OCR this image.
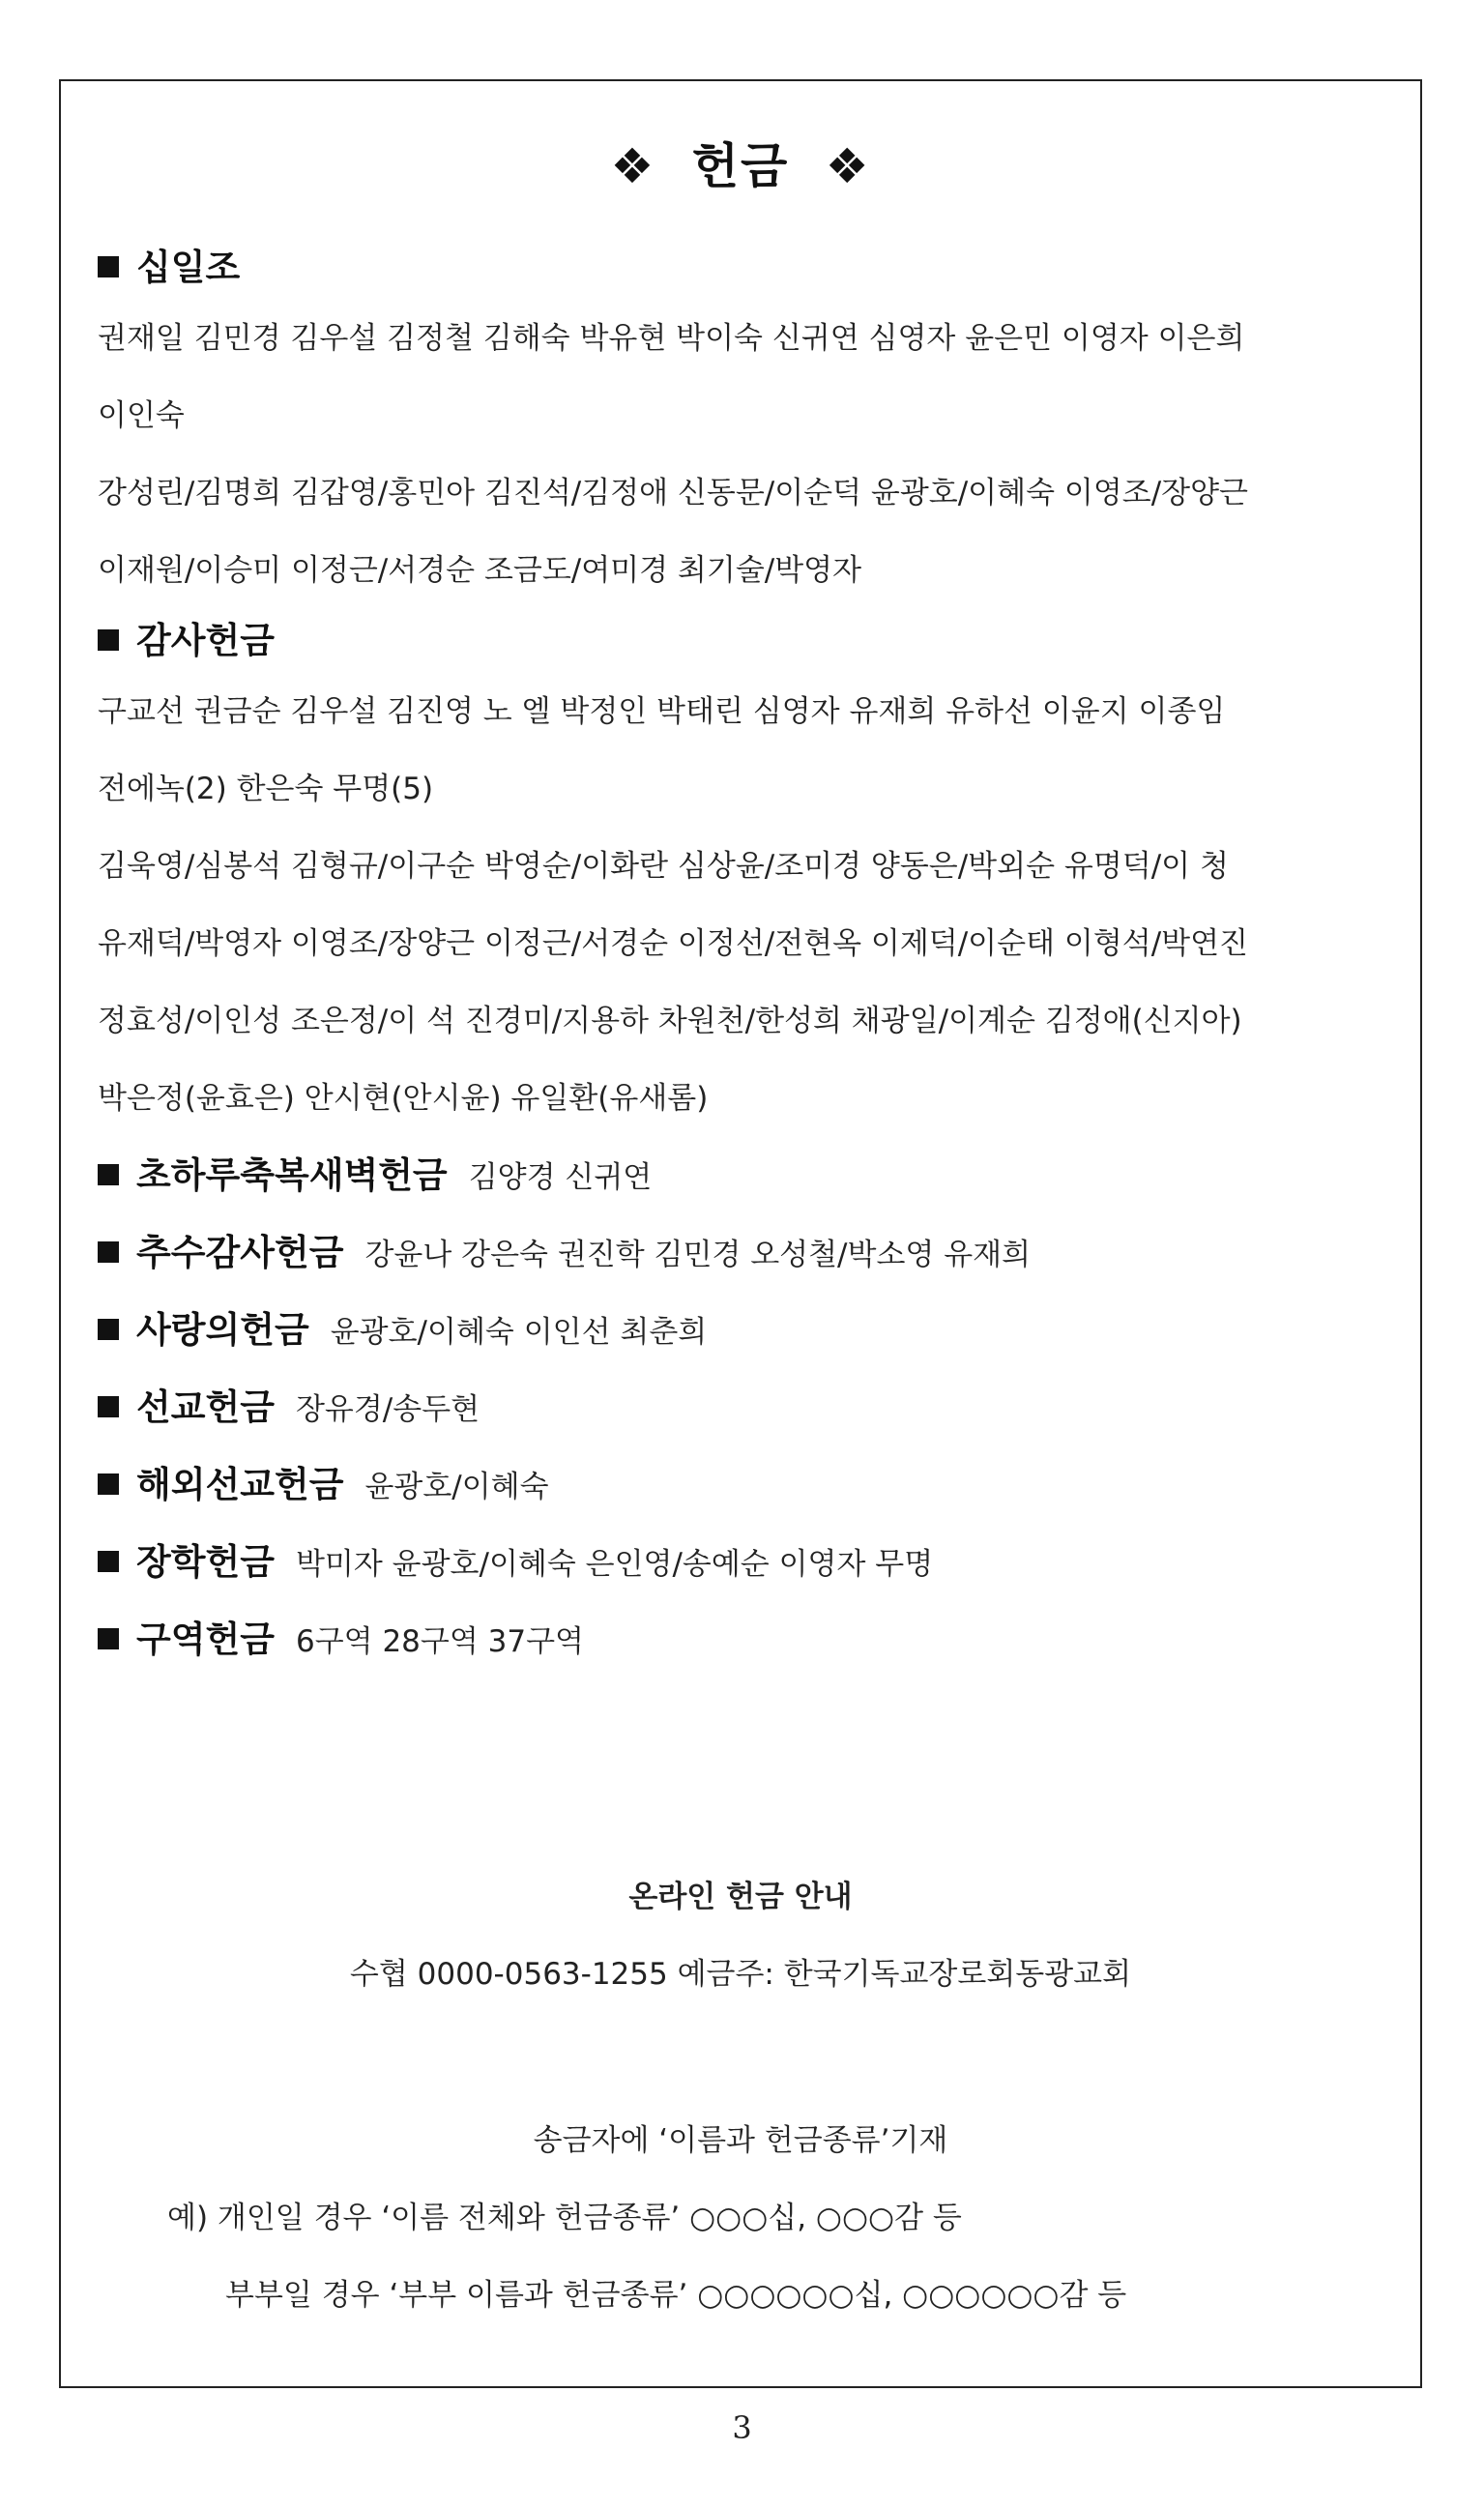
❖ 헌금 ❖
십일조
권재일 김민경 김우설 김정철 김해숙 박유현 박이숙 신귀연 심영자 윤은민 이영자 이은희
이인숙
강성린/김명희 김갑영/홍민아 김진석/김정애 신동문/이순덕 윤광호/이혜숙 이영조/장양근
이재원/이승미 이정근/서경순 조금도/여미경 최기술/박영자
감사헌금
구교선 권금순 김우설 김진영 노 엘 박정인 박태린 심영자 유재희 유하선 이윤지 이종임
전에녹(2) 한은숙 무명(5)
김욱영/심봉석 김형규/이구순 박영순/이화란 심상윤/조미경 양동은/박외순 유명덕/이 청
유재덕/박영자 이영조/장양근 이정근/서경순 이정선/전현옥 이제덕/이순태 이형석/박연진
정효성/이인성 조은정/이 석 진경미/지용하 차원천/한성희 채광일/이계순 김정애(신지아)
박은정(윤효은) 안시현(안시윤) 유일환(유새롬)
초하루축복새벽헌금 김양경 신귀연
추수감사헌금 강윤나 강은숙 권진학 김민경 오성철/박소영 유재희
사랑의헌금 윤광호/이혜숙 이인선 최춘희
선교헌금 장유경/송두현
해외선교헌금 윤광호/이혜숙
장학헌금 박미자 윤광호/이혜숙 은인영/송예순 이영자 무명
구역헌금 6구역 28구역 37구역
온라인 헌금 안내
수협 0000-0563-1255 예금주: 한국기독교장로회동광교회
송금자에 ‘이름과 헌금종류’기재
예) 개인일 경우 ‘이름 전체와 헌금종류’ ○○○십, ○○○감 등
부부일 경우 ‘부부 이름과 헌금종류’ ○○○○○○십, ○○○○○○감 등
3
